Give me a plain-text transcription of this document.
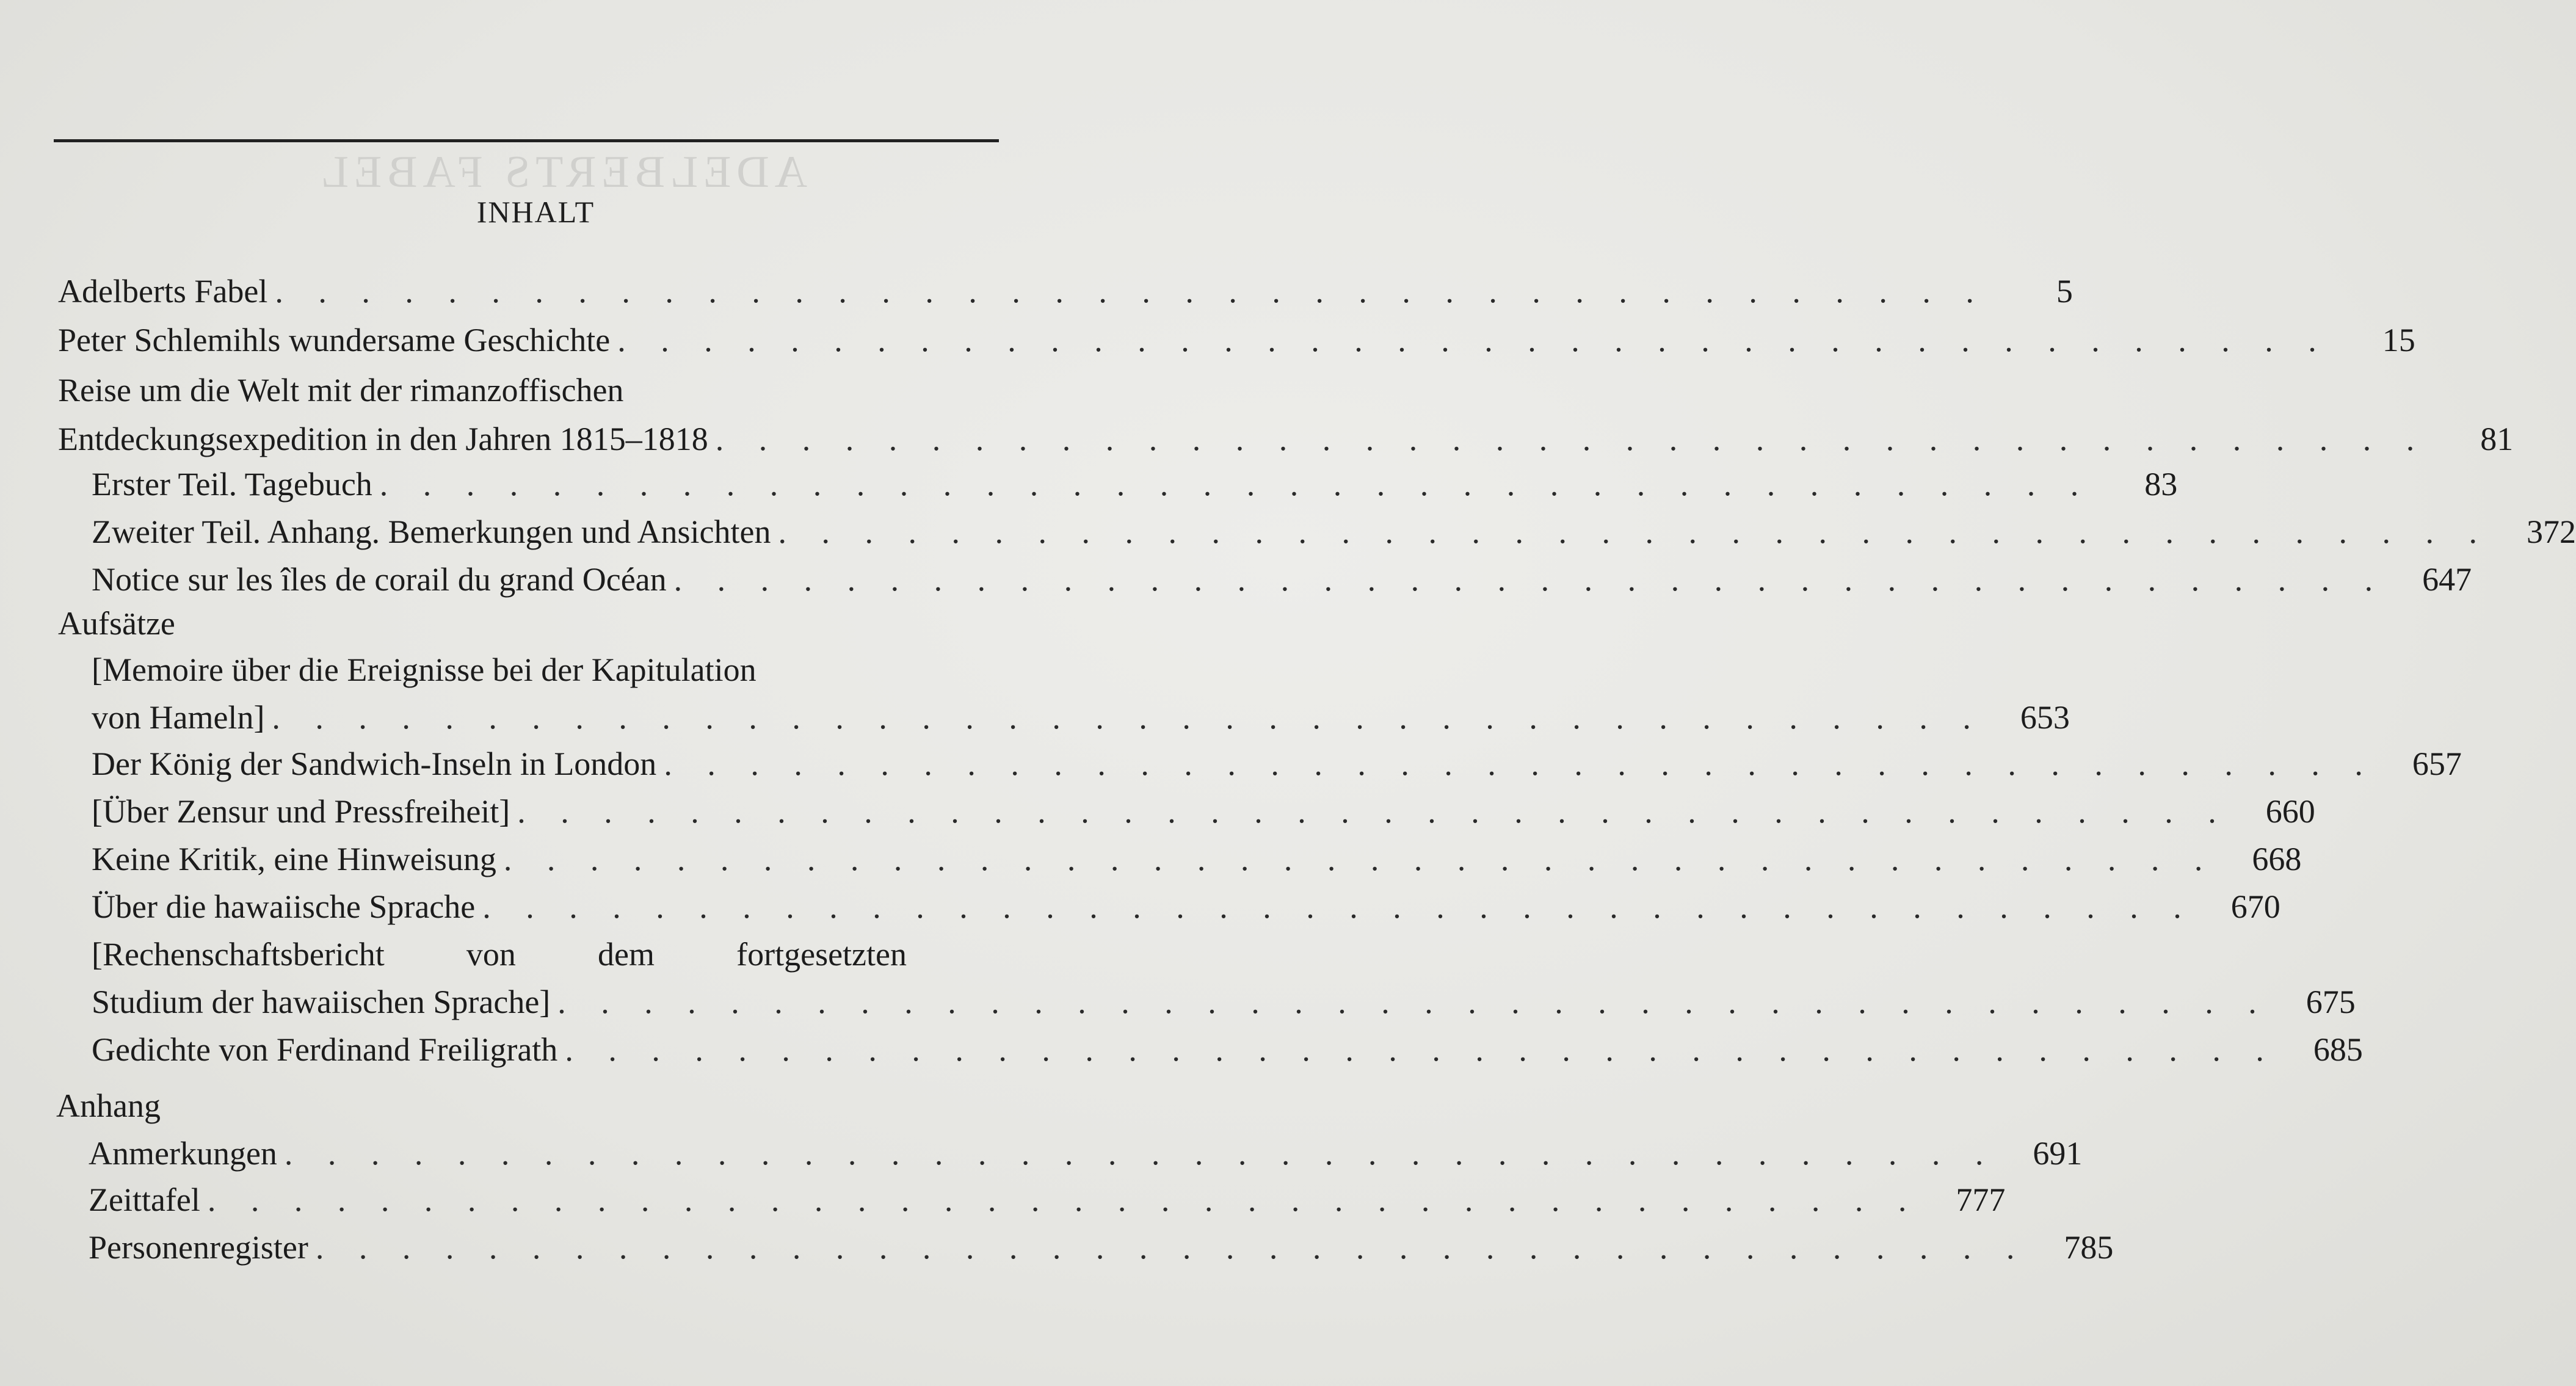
ADELBERTS FABEL
INHALT
Adelberts Fabel . . . . . . . . . . . . . . . . . . . . . . . . . . . . . . . . . . . . . . . .	5
Peter Schlemihls wundersame Geschichte . . . . . . . . . . . . . . . . . . . . . . . . . . . . . . . . . . . . . . . .	15
Reise um die Welt mit der rimanzoffischen
Entdeckungsexpedition in den Jahren 1815–1818 . . . . . . . . . . . . . . . . . . . . . . . . . . . . . . . . . . . . . . . .	81
Erster Teil. Tagebuch . . . . . . . . . . . . . . . . . . . . . . . . . . . . . . . . . . . . . . . .	83
Zweiter Teil. Anhang. Bemerkungen und Ansichten . . . . . . . . . . . . . . . . . . . . . . . . . . . . . . . . . . . . . . . .	372
Notice sur les îles de corail du grand Océan . . . . . . . . . . . . . . . . . . . . . . . . . . . . . . . . . . . . . . . .	647
Aufsätze
[Memoire über die Ereignisse bei der Kapitulation
von Hameln] . . . . . . . . . . . . . . . . . . . . . . . . . . . . . . . . . . . . . . . .	653
Der König der Sandwich-Inseln in London . . . . . . . . . . . . . . . . . . . . . . . . . . . . . . . . . . . . . . . .	657
[Über Zensur und Pressfreiheit] . . . . . . . . . . . . . . . . . . . . . . . . . . . . . . . . . . . . . . . .	660
Keine Kritik, eine Hinweisung . . . . . . . . . . . . . . . . . . . . . . . . . . . . . . . . . . . . . . . .	668
Über die hawaiische Sprache . . . . . . . . . . . . . . . . . . . . . . . . . . . . . . . . . . . . . . . .	670
[Rechenschaftsbericht von dem fortgesetzten
Studium der hawaiischen Sprache] . . . . . . . . . . . . . . . . . . . . . . . . . . . . . . . . . . . . . . . .	675
Gedichte von Ferdinand Freiligrath . . . . . . . . . . . . . . . . . . . . . . . . . . . . . . . . . . . . . . . .	685
Anhang
Anmerkungen . . . . . . . . . . . . . . . . . . . . . . . . . . . . . . . . . . . . . . . .	691
Zeittafel . . . . . . . . . . . . . . . . . . . . . . . . . . . . . . . . . . . . . . . .	777
Personenregister . . . . . . . . . . . . . . . . . . . . . . . . . . . . . . . . . . . . . . . .	785
